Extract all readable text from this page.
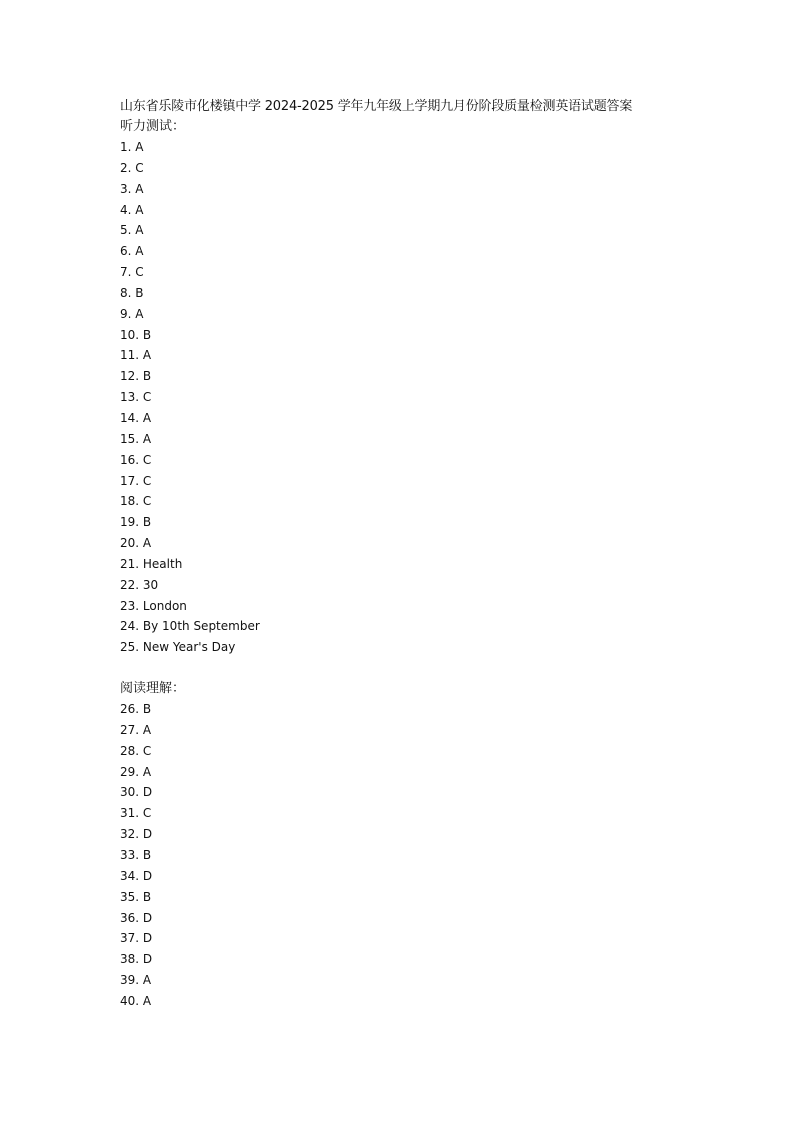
山东省乐陵市化楼镇中学 2024-2025 学年九年级上学期九月份阶段质量检测英语试题答案
听力测试：
1. A
2. C
3. A
4. A
5. A
6. A
7. C
8. B
9. A
10. B
11. A
12. B
13. C
14. A
15. A
16. C
17. C
18. C
19. B
20. A
21. Health
22. 30
23. London
24. By 10th September
25. New Year's Day
阅读理解：
26. B
27. A
28. C
29. A
30. D
31. C
32. D
33. B
34. D
35. B
36. D
37. D
38. D
39. A
40. A
